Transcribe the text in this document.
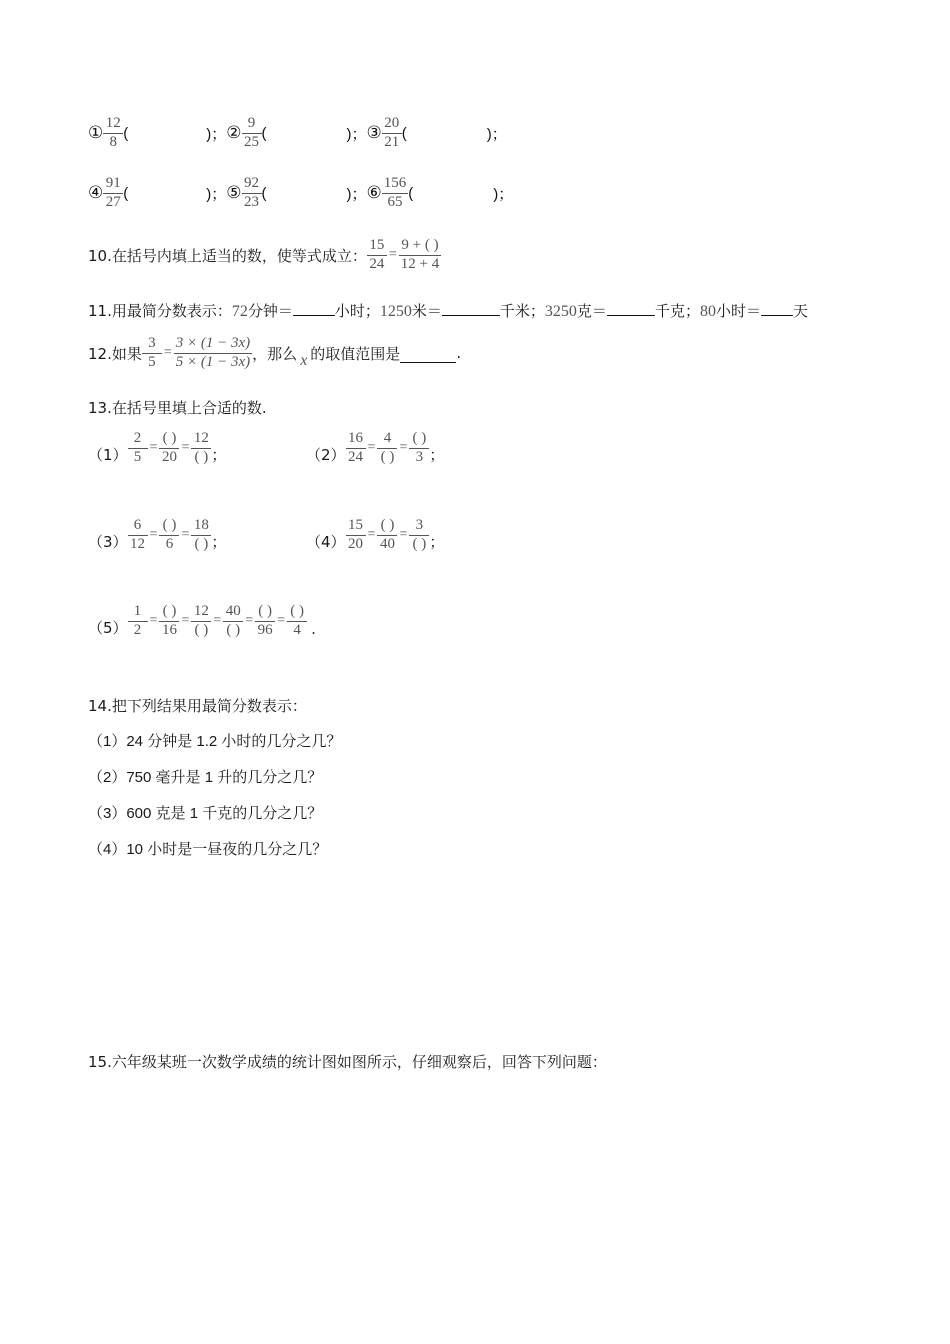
① $\frac{12}{8}$ (	)； ② $\frac{9}{25}$ (	)； ③ $\frac{20}{21}$ (	)；
④ $\frac{91}{27}$ (	)； ⑤ $\frac{92}{23}$ (	)； ⑥ $\frac{156}{65}$ (	)；
10.在括号内填上适当的数，使等式成立： $\frac{15}{24} = \frac{9 + ( )}{12 + 4}$
11.用最简分数表示：72分钟＝	小时；1250米＝	千米；3250克＝	千克；80小时＝ 天
12.如果 $\frac{3}{5} = \frac{3 \times (1 - 3x)}{5 \times (1 - 3x)}$ ，那么 x 的取值范围是	.
13.在括号里填上合适的数.
$(1) \frac{2}{5} = \frac{( )}{20} = \frac{12}{( )}$ ；	$(2) \frac{16}{24} = \frac{4}{( )} = \frac{( )}{3}$ ；
$(3) \frac{6}{12} = \frac{( )}{6} = \frac{18}{( )}$ ；	$(4) \frac{15}{20} = \frac{( )}{40} = \frac{3}{( )}$ ；
$(5) \frac{1}{2} = \frac{( )}{16} = \frac{12}{( )} = \frac{40}{( )} = \frac{( )}{96} = \frac{( )}{4}$ .
14.把下列结果用最简分数表示：
（1）24 分钟是 1.2 小时的几分之几？
（2）750 毫升是 1 升的几分之几？
（3）600 克是 1 千克的几分之几？
（4）10 小时是一昼夜的几分之几？
15.六年级某班一次数学成绩的统计图如图所示，仔细观察后，回答下列问题：
